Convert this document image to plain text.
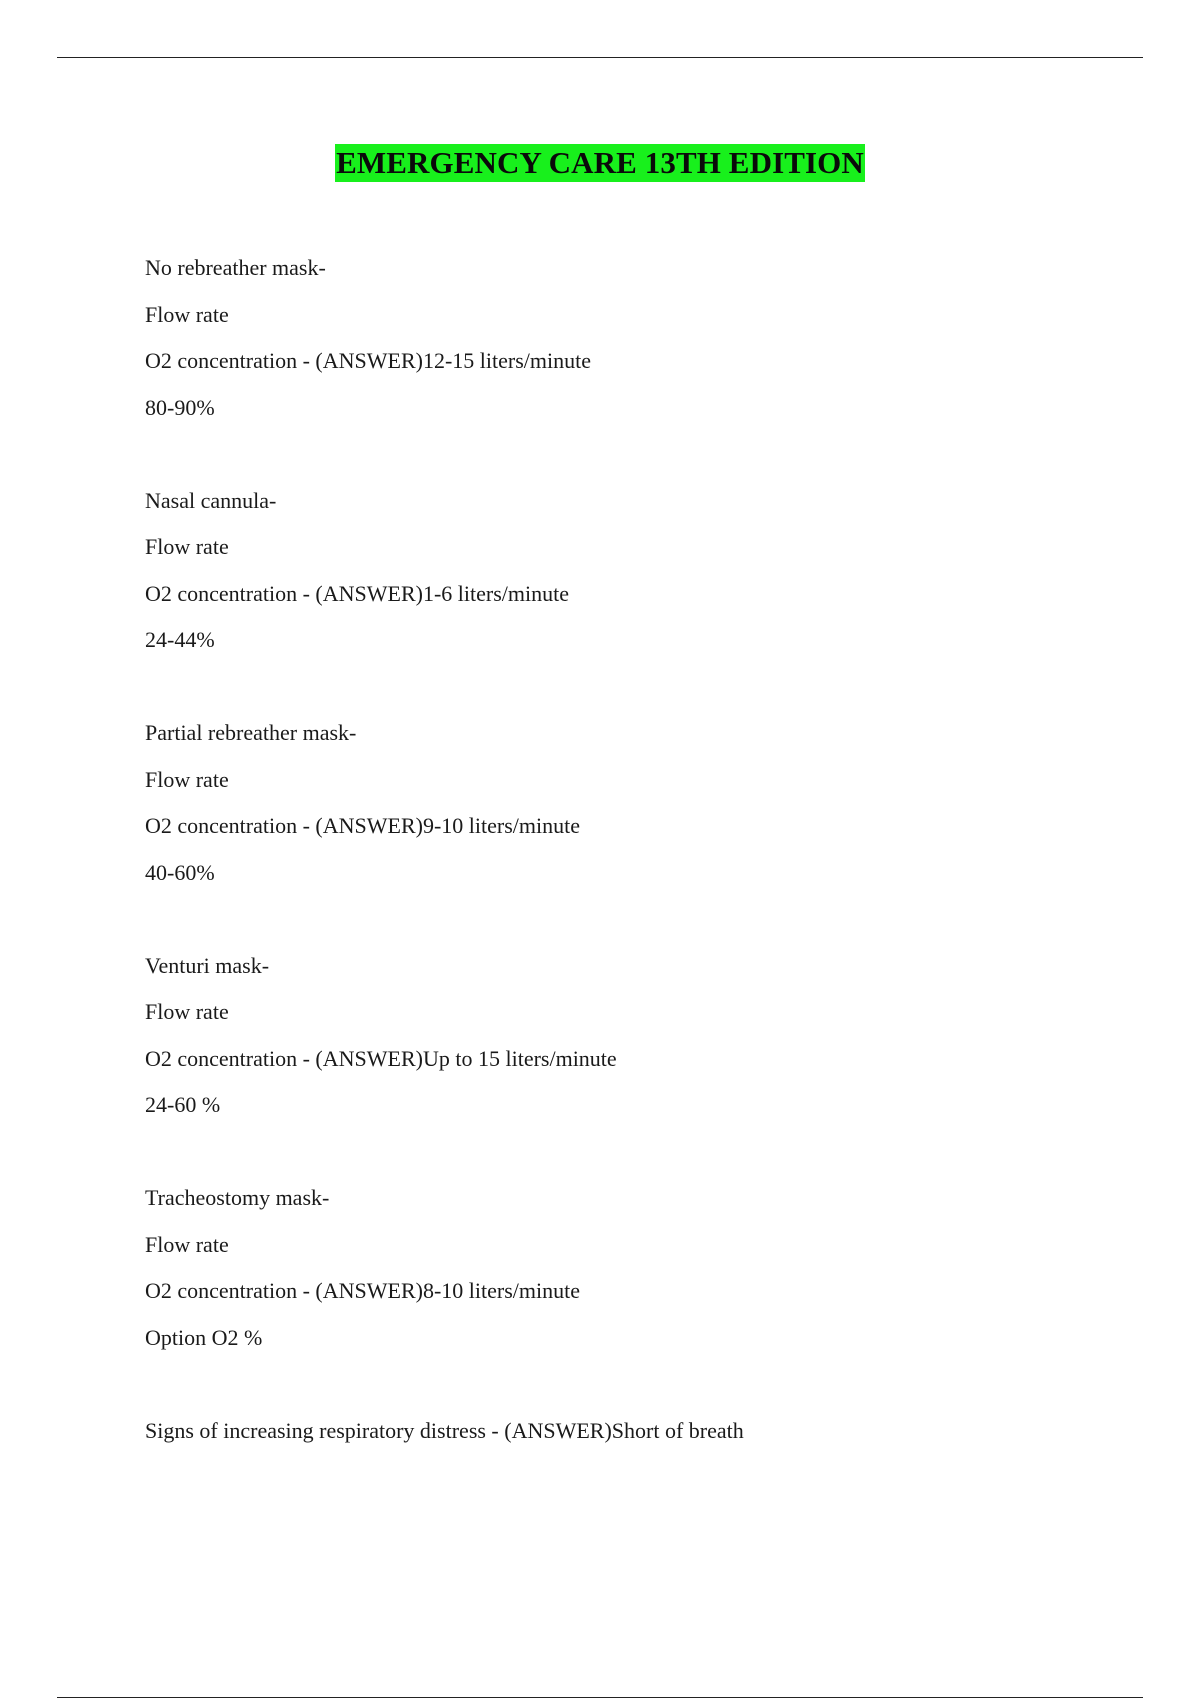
EMERGENCY CARE 13TH EDITION
No rebreather mask-
Flow rate
O2 concentration - (ANSWER)12-15 liters/minute
80-90%
Nasal cannula-
Flow rate
O2 concentration - (ANSWER)1-6 liters/minute
24-44%
Partial rebreather mask-
Flow rate
O2 concentration - (ANSWER)9-10 liters/minute
40-60%
Venturi mask-
Flow rate
O2 concentration - (ANSWER)Up to 15 liters/minute
24-60 %
Tracheostomy mask-
Flow rate
O2 concentration - (ANSWER)8-10 liters/minute
Option O2 %
Signs of increasing respiratory distress - (ANSWER)Short of breath
